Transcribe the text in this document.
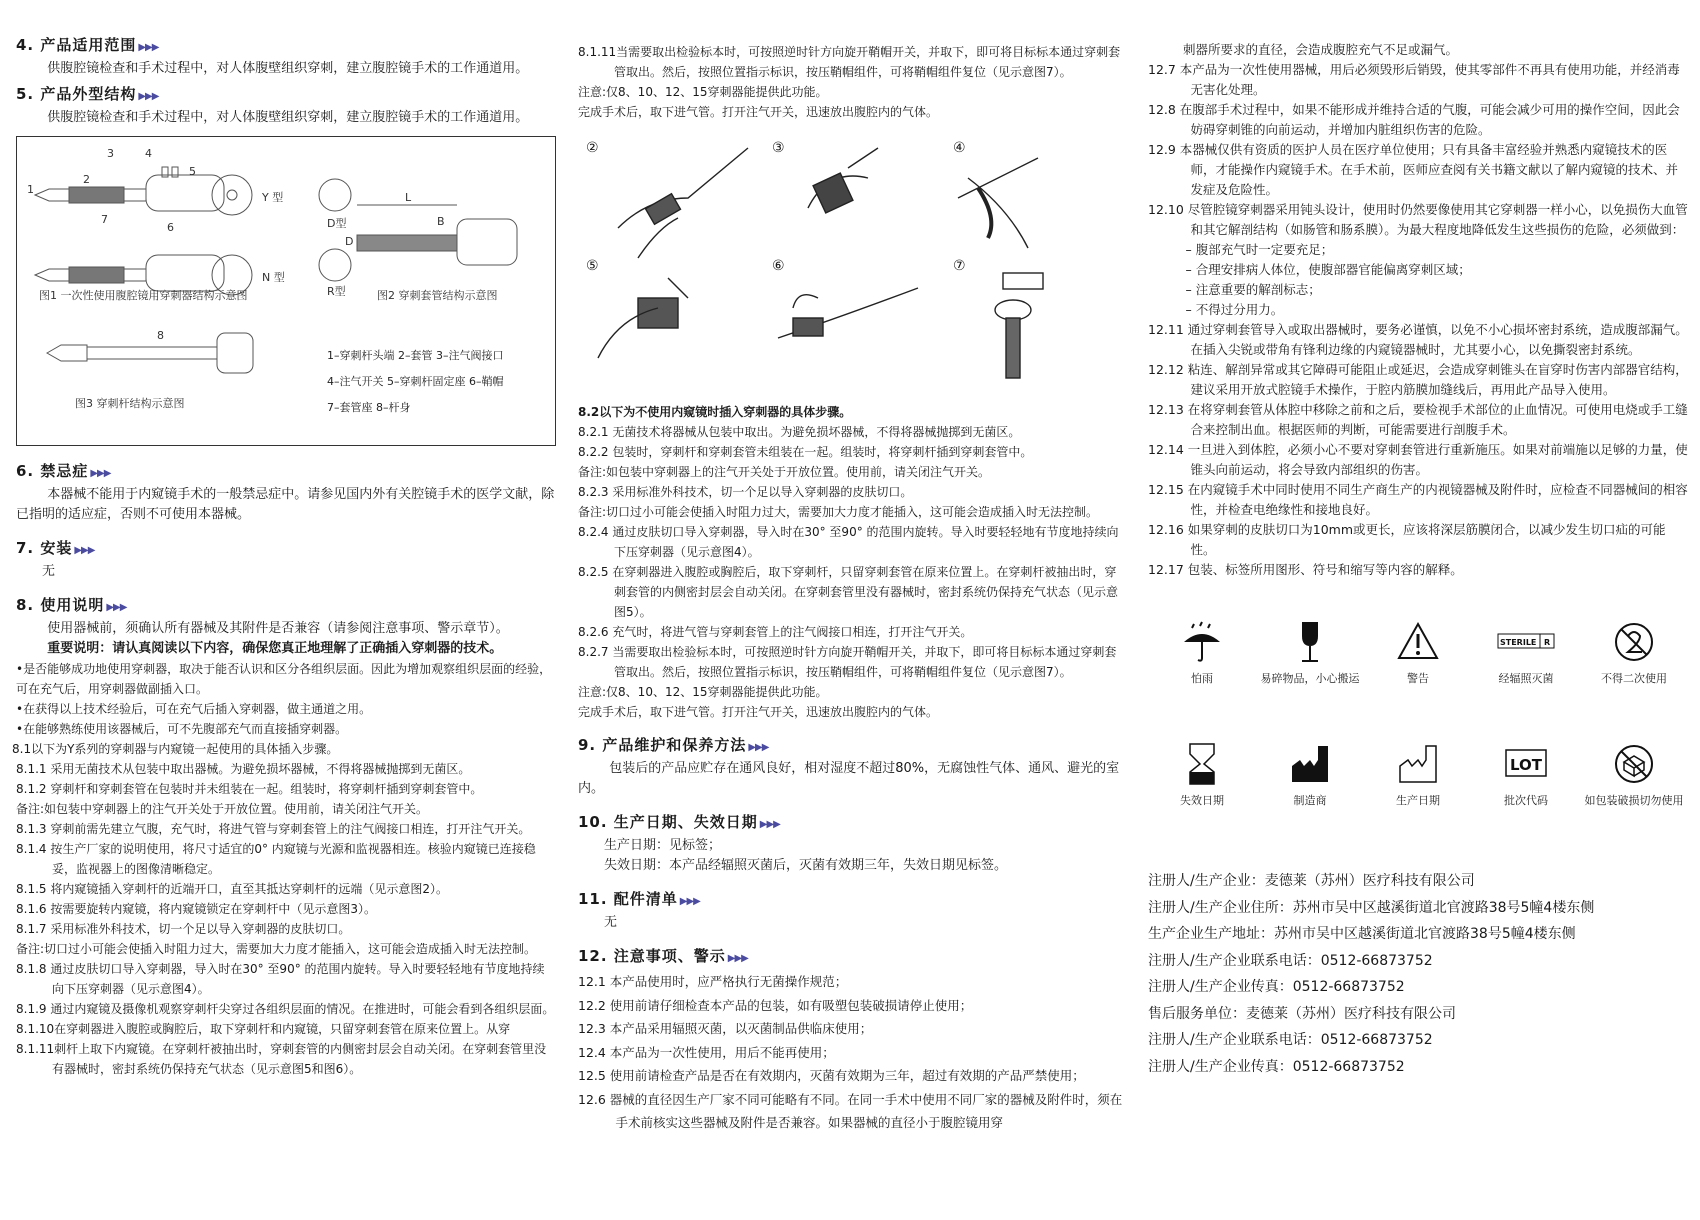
4. 产品适用范围 ▶▶▶
供腹腔镜检查和手术过程中，对人体腹壁组织穿刺，建立腹腔镜手术的工作通道用。
5. 产品外型结构 ▶▶▶
供腹腔镜检查和手术过程中，对人体腹壁组织穿刺，建立腹腔镜手术的工作通道用。
图1 一次性使用腹腔镜用穿刺器结构示意图	图2 穿刺套管结构示意图
图3 穿刺杆结构示意图
Y 型
N 型
D型
R型
L
B
D
1
2
3	4
5
6
7
8
1–穿刺杆头端 2–套管 3–注气阀接口
4–注气开关 5–穿刺杆固定座 6–鞘帽
7–套管座 8–杆身
6. 禁忌症 ▶▶▶
本器械不能用于内窥镜手术的一般禁忌症中。请参见国内外有关腔镜手术的医学文献，除已指明的适应症，否则不可使用本器械。
7. 安装 ▶▶▶
无
8. 使用说明 ▶▶▶
使用器械前，须确认所有器械及其附件是否兼容（请参阅注意事项、警示章节）。
重要说明：请认真阅读以下内容，确保您真正地理解了正确插入穿刺器的技术。
•是否能够成功地使用穿刺器，取决于能否认识和区分各组织层面。因此为增加观察组织层面的经验，可在充气后，用穿刺器做副插入口。
•在获得以上技术经验后，可在充气后插入穿刺器，做主通道之用。
•在能够熟练使用该器械后，可不先腹部充气而直接插穿刺器。
8.1以下为Y系列的穿刺器与内窥镜一起使用的具体插入步骤。
8.1.1 采用无菌技术从包装中取出器械。为避免损坏器械，不得将器械抛掷到无菌区。
8.1.2 穿刺杆和穿刺套管在包装时并未组装在一起。组装时，将穿刺杆插到穿刺套管中。
备注:如包装中穿刺器上的注气开关处于开放位置。使用前，请关闭注气开关。
8.1.3 穿刺前需先建立气腹，充气时，将进气管与穿刺套管上的注气阀接口相连，打开注气开关。
8.1.4 按生产厂家的说明使用，将尺寸适宜的0° 内窥镜与光源和监视器相连。核验内窥镜已连接稳妥，监视器上的图像清晰稳定。
8.1.5 将内窥镜插入穿刺杆的近端开口，直至其抵达穿刺杆的远端（见示意图2）。
8.1.6 按需要旋转内窥镜，将内窥镜锁定在穿刺杆中（见示意图3）。
8.1.7 采用标准外科技术，切一个足以导入穿刺器的皮肤切口。
备注:切口过小可能会使插入时阻力过大，需要加大力度才能插入，这可能会造成插入时无法控制。
8.1.8 通过皮肤切口导入穿刺器，导入时在30° 至90° 的范围内旋转。导入时要轻轻地有节度地持续向下压穿刺器（见示意图4）。
8.1.9 通过内窥镜及摄像机观察穿刺杆尖穿过各组织层面的情况。在推进时，可能会看到各组织层面。
8.1.10在穿刺器进入腹腔或胸腔后，取下穿刺杆和内窥镜，只留穿刺套管在原来位置上。从穿
8.1.11刺杆上取下内窥镜。在穿刺杆被抽出时，穿刺套管的内侧密封层会自动关闭。在穿刺套管里没有器械时，密封系统仍保持充气状态（见示意图5和图6）。
8.1.11当需要取出检验标本时，可按照逆时针方向旋开鞘帽开关，并取下，即可将目标标本通过穿刺套管取出。然后，按照位置指示标识，按压鞘帽组件，可将鞘帽组件复位（见示意图7）。
注意:仅8、10、12、15穿刺器能提供此功能。
完成手术后，取下进气管。打开注气开关，迅速放出腹腔内的气体。
②	③	④
⑤	⑥	⑦
8.2以下为不使用内窥镜时插入穿刺器的具体步骤。
8.2.1 无菌技术将器械从包装中取出。为避免损坏器械，不得将器械抛掷到无菌区。
8.2.2 包装时，穿刺杆和穿刺套管未组装在一起。组装时，将穿刺杆插到穿刺套管中。
备注:如包装中穿刺器上的注气开关处于开放位置。使用前，请关闭注气开关。
8.2.3 采用标准外科技术，切一个足以导入穿刺器的皮肤切口。
备注:切口过小可能会使插入时阻力过大，需要加大力度才能插入，这可能会造成插入时无法控制。
8.2.4 通过皮肤切口导入穿刺器，导入时在30° 至90° 的范围内旋转。导入时要轻轻地有节度地持续向下压穿刺器（见示意图4）。
8.2.5 在穿刺器进入腹腔或胸腔后，取下穿刺杆，只留穿刺套管在原来位置上。在穿刺杆被抽出时，穿刺套管的内侧密封层会自动关闭。在穿刺套管里没有器械时，密封系统仍保持充气状态（见示意图5）。
8.2.6 充气时，将进气管与穿刺套管上的注气阀接口相连，打开注气开关。
8.2.7 当需要取出检验标本时，可按照逆时针方向旋开鞘帽开关，并取下，即可将目标标本通过穿刺套管取出。然后，按照位置指示标识，按压鞘帽组件，可将鞘帽组件复位（见示意图7）。
注意:仅8、10、12、15穿刺器能提供此功能。
完成手术后，取下进气管。打开注气开关，迅速放出腹腔内的气体。
9. 产品维护和保养方法 ▶▶▶
包装后的产品应贮存在通风良好，相对湿度不超过80%，无腐蚀性气体、通风、避光的室内。
10. 生产日期、失效日期 ▶▶▶
生产日期：见标签；
失效日期：本产品经辐照灭菌后，灭菌有效期三年，失效日期见标签。
11. 配件清单 ▶▶▶
无
12. 注意事项、警示 ▶▶▶
12.1 本产品使用时，应严格执行无菌操作规范；
12.2 使用前请仔细检查本产品的包装，如有吸塑包装破损请停止使用；
12.3 本产品采用辐照灭菌，以灭菌制品供临床使用；
12.4 本产品为一次性使用，用后不能再使用；
12.5 使用前请检查产品是否在有效期内，灭菌有效期为三年，超过有效期的产品严禁使用；
12.6 器械的直径因生产厂家不同可能略有不同。在同一手术中使用不同厂家的器械及附件时，须在手术前核实这些器械及附件是否兼容。如果器械的直径小于腹腔镜用穿
刺器所要求的直径，会造成腹腔充气不足或漏气。
12.7 本产品为一次性使用器械，用后必须毁形后销毁，使其零部件不再具有使用功能，并经消毒无害化处理。
12.8 在腹部手术过程中，如果不能形成并维持合适的气腹，可能会减少可用的操作空间，因此会妨碍穿刺锥的向前运动，并增加内脏组织伤害的危险。
12.9 本器械仅供有资质的医护人员在医疗单位使用；只有具备丰富经验并熟悉内窥镜技术的医师，才能操作内窥镜手术。在手术前，医师应查阅有关书籍文献以了解内窥镜的技术、并发症及危险性。
12.10 尽管腔镜穿刺器采用钝头设计，使用时仍然要像使用其它穿刺器一样小心，以免损伤大血管和其它解剖结构（如肠管和肠系膜）。为最大程度地降低发生这些损伤的危险，必须做到：
– 腹部充气时一定要充足；
– 合理安排病人体位，使腹部器官能偏离穿刺区域；
– 注意重要的解剖标志；
– 不得过分用力。
12.11 通过穿刺套管导入或取出器械时，要务必谨慎，以免不小心损坏密封系统，造成腹部漏气。在插入尖锐或带角有锋利边缘的内窥镜器械时，尤其要小心，以免撕裂密封系统。
12.12 粘连、解剖异常或其它障碍可能阻止或延迟，会造成穿刺锥头在盲穿时伤害内部器官结构，建议采用开放式腔镜手术操作，于腔内筋膜加缝线后，再用此产品导入使用。
12.13 在将穿刺套管从体腔中移除之前和之后，要检视手术部位的止血情况。可使用电烧或手工缝合来控制出血。根据医师的判断，可能需要进行剖腹手术。
12.14 一旦进入到体腔，必须小心不要对穿刺套管进行重新施压。如果对前端施以足够的力量，使锥头向前运动，将会导致内部组织的伤害。
12.15 在内窥镜手术中同时使用不同生产商生产的内视镜器械及附件时，应检查不同器械间的相容性，并检查电绝缘性和接地良好。
12.16 如果穿刺的皮肤切口为10mm或更长，应该将深层筋膜闭合，以减少发生切口疝的可能性。
12.17 包装、标签所用图形、符号和缩写等内容的解释。
怕雨	易碎物品，小心搬运	警告
STERILE R
经辐照灭菌	不得二次使用
失效日期	制造商	生产日期
LOT
批次代码	如包装破损切勿使用
注册人/生产企业：麦德莱（苏州）医疗科技有限公司
注册人/生产企业住所：苏州市吴中区越溪街道北官渡路38号5幢4楼东侧
生产企业生产地址：苏州市吴中区越溪街道北官渡路38号5幢4楼东侧
注册人/生产企业联系电话：0512-66873752
注册人/生产企业传真：0512-66873752
售后服务单位：麦德莱（苏州）医疗科技有限公司
注册人/生产企业联系电话：0512-66873752
注册人/生产企业传真：0512-66873752
